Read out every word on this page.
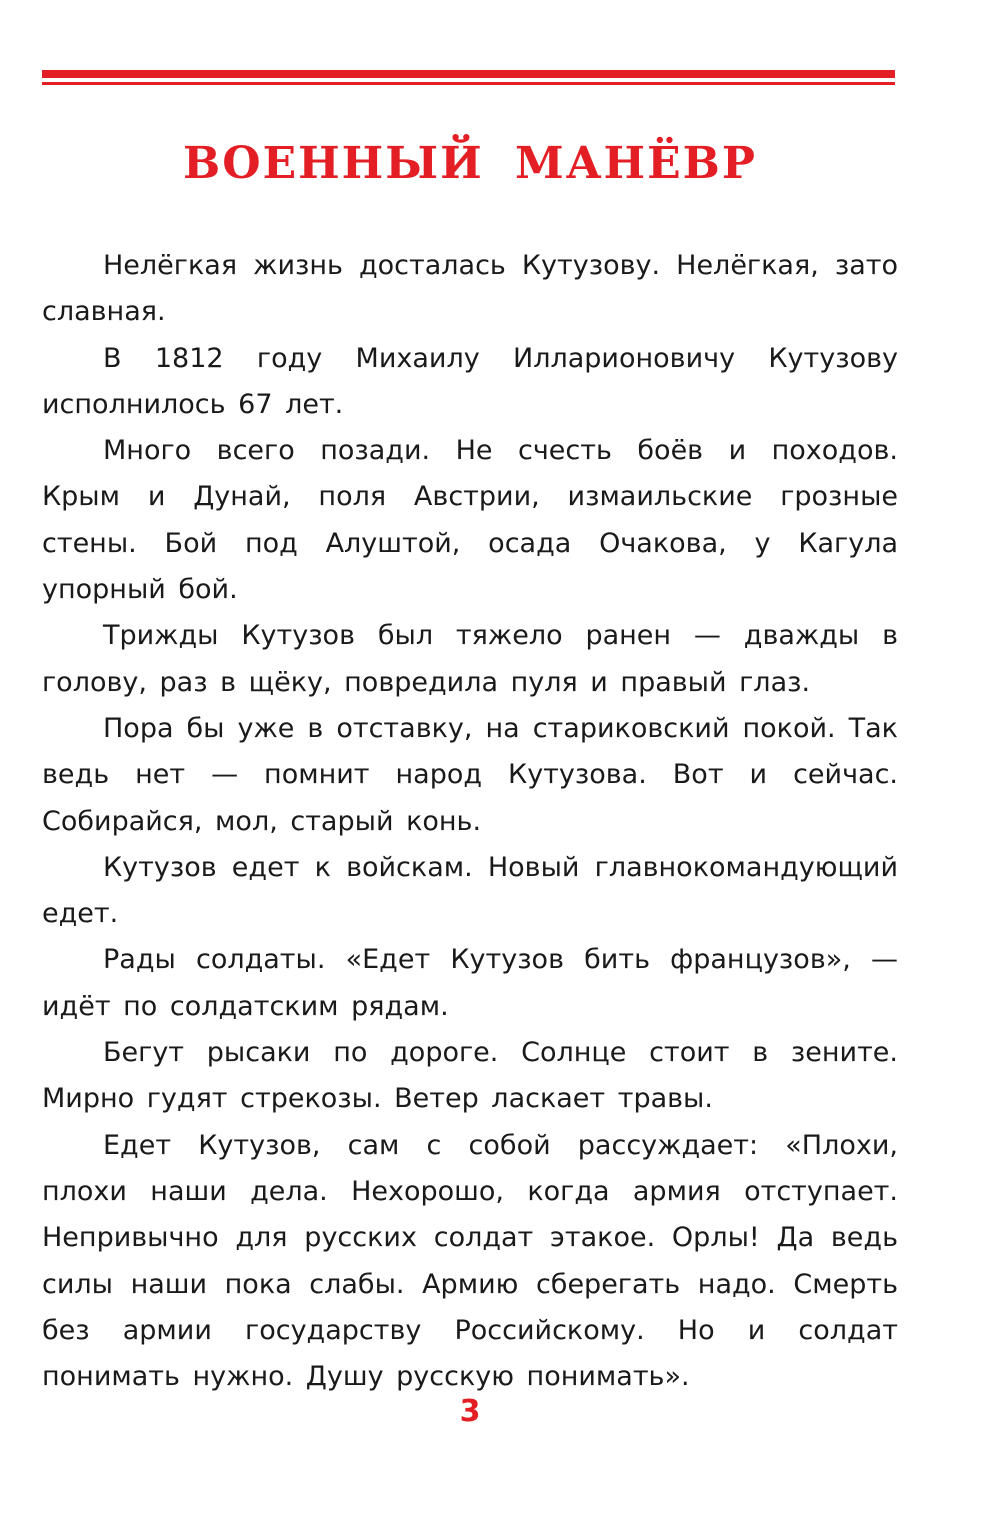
ВОЕННЫЙ МАНЁВР

Нелёгкая жизнь досталась Кутузову. Нелёгкая, зато славная.

В 1812 году Михаилу Илларионовичу Кутузову исполнилось 67 лет.

Много всего позади. Не счесть боёв и походов. Крым и Дунай, поля Австрии, измаильские грозные стены. Бой под Алуштой, осада Очакова, у Кагула упорный бой.

Трижды Кутузов был тяжело ранен — дважды в голову, раз в щёку, повредила пуля и правый глаз.

Пора бы уже в отставку, на стариковский покой. Так ведь нет — помнит народ Кутузова. Вот и сейчас. Собирайся, мол, старый конь.

Кутузов едет к войскам. Новый главнокомандующий едет.

Рады солдаты. «Едет Кутузов бить французов», — идёт по солдатским рядам.

Бегут рысаки по дороге. Солнце стоит в зените. Мирно гудят стрекозы. Ветер ласкает травы.

Едет Кутузов, сам с собой рассуждает: «Плохи, плохи наши дела. Нехорошо, когда армия отступает. Непривычно для русских солдат этакое. Орлы! Да ведь силы наши пока слабы. Армию сберегать надо. Смерть без армии государству Российскому. Но и солдат понимать нужно. Душу русскую понимать».

3
